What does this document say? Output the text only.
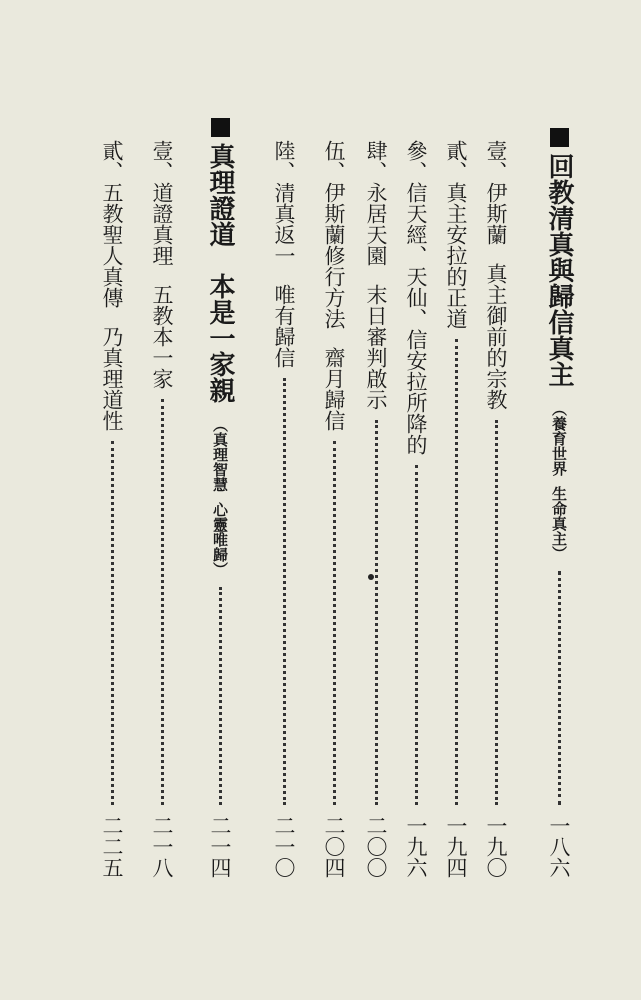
回教清真與歸信真主
（養育世界
生命真主）
一八六
壹、伊斯蘭
真主御前的宗教
一九〇
貳、真主安拉的正道
一九四
參、信天經、天仙、信安拉所降的
一九六
肆、永居天園
末日審判啟示
二〇〇
伍、伊斯蘭修行方法
齋月歸信
二〇四
陸、清真返一
唯有歸信
二一〇
真理證道
本是一家親
（真理智慧
心靈唯歸）
二一四
壹、道證真理
五教本一家
二一八
貳、五教聖人真傳
乃真理道性
二二五
